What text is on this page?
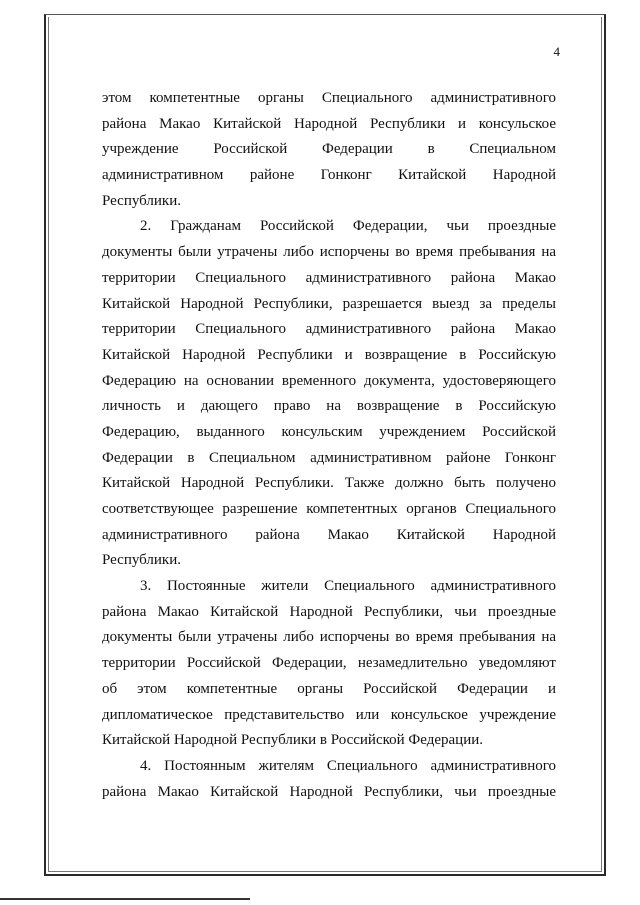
4
этом компетентные органы Специального административного
района Макао Китайской Народной Республики и консульское
учреждение Российской Федерации в Специальном
административном районе Гонконг Китайской Народной
Республики.
2. Гражданам Российской Федерации, чьи проездные
документы были утрачены либо испорчены во время пребывания на
территории Специального административного района Макао
Китайской Народной Республики, разрешается выезд за пределы
территории Специального административного района Макао
Китайской Народной Республики и возвращение в Российскую
Федерацию на основании временного документа, удостоверяющего
личность и дающего право на возвращение в Российскую
Федерацию, выданного консульским учреждением Российской
Федерации в Специальном административном районе Гонконг
Китайской Народной Республики. Также должно быть получено
соответствующее разрешение компетентных органов Специального
административного района Макао Китайской Народной
Республики.
3. Постоянные жители Специального административного
района Макао Китайской Народной Республики, чьи проездные
документы были утрачены либо испорчены во время пребывания на
территории Российской Федерации, незамедлительно уведомляют
об этом компетентные органы Российской Федерации и
дипломатическое представительство или консульское учреждение
Китайской Народной Республики в Российской Федерации.
4. Постоянным жителям Специального административного
района Макао Китайской Народной Республики, чьи проездные
